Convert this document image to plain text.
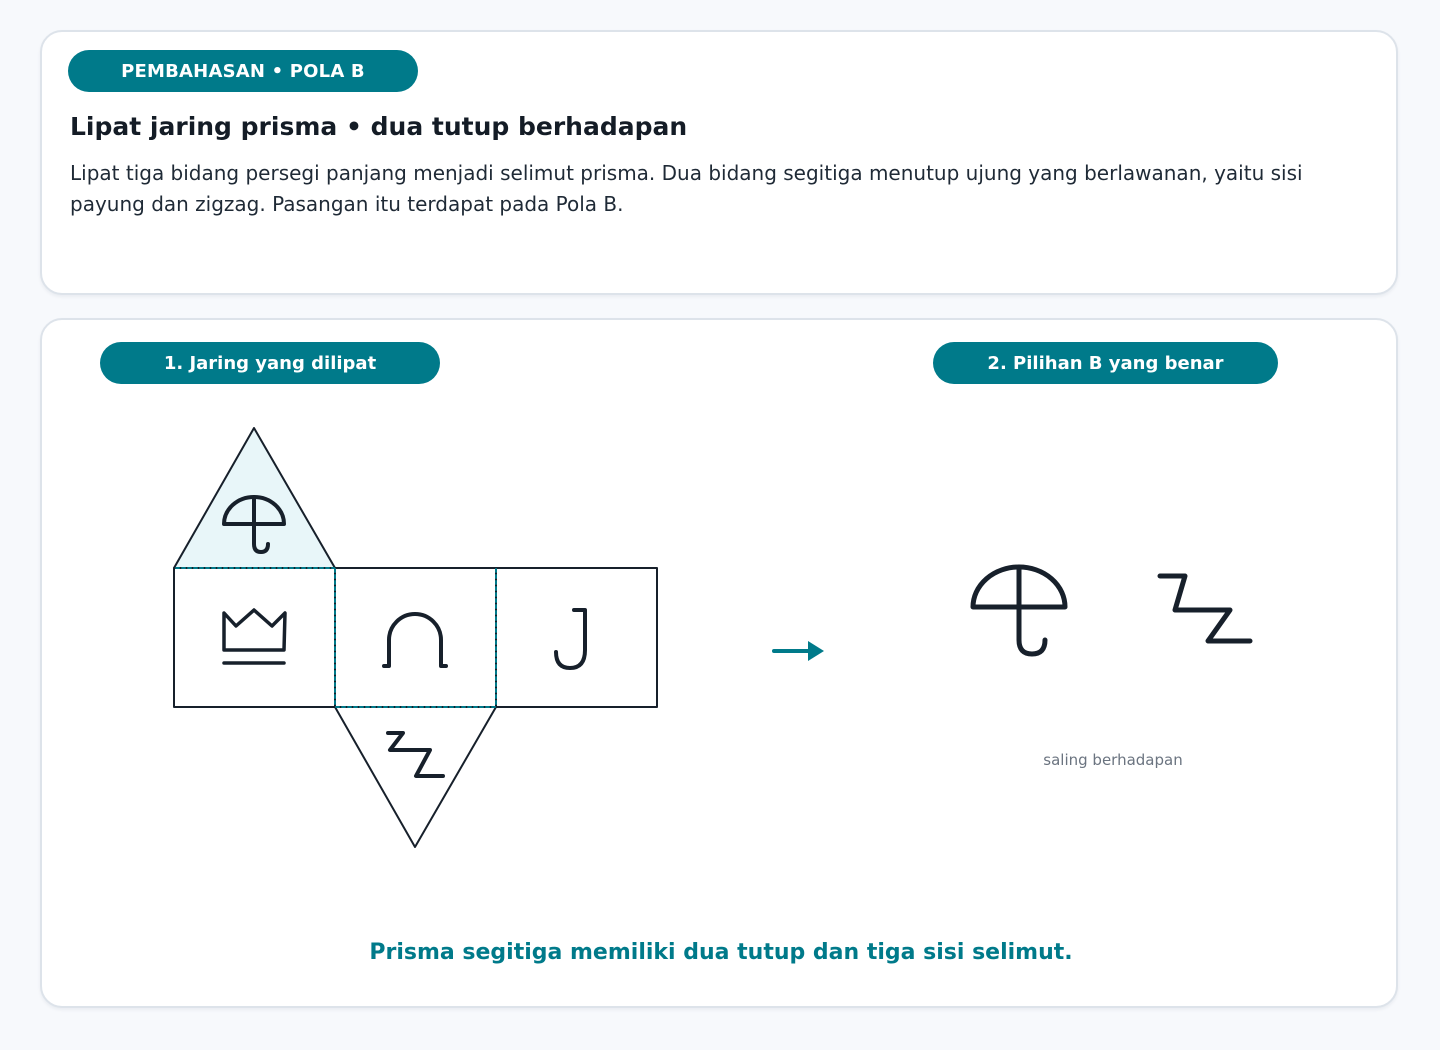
PEMBAHASAN • POLA B
Lipat jaring prisma • dua tutup berhadapan

Lipat tiga bidang persegi panjang menjadi selimut prisma. Dua bidang segitiga menutup ujung yang berlawanan, yaitu sisi payung dan zigzag. Pasangan itu terdapat pada Pola B.

1. Jaring yang dilipat	2. Pilihan B yang benar
saling berhadapan
Prisma segitiga memiliki dua tutup dan tiga sisi selimut.
